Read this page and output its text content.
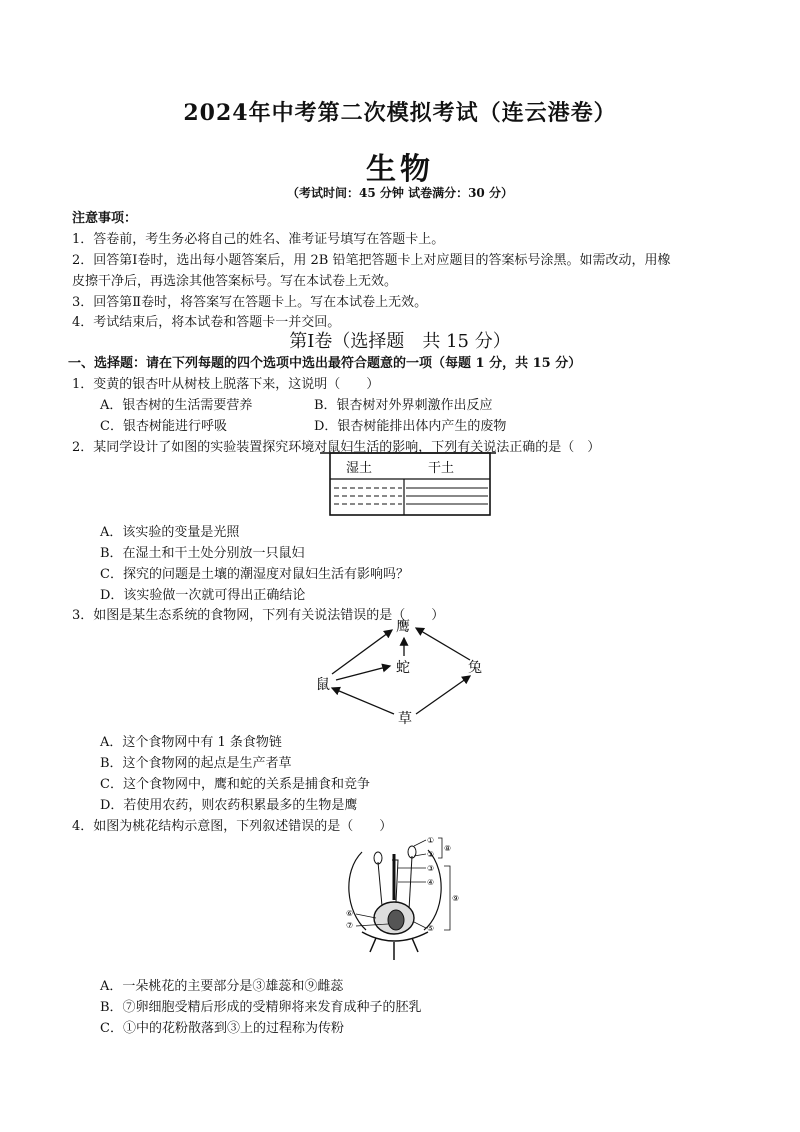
2024年中考第二次模拟考试（连云港卷）
生物
（考试时间：45 分钟 试卷满分：30 分）
注意事项：
1．答卷前，考生务必将自己的姓名、准考证号填写在答题卡上。
2．回答第Ⅰ卷时，选出每小题答案后，用 2B 铅笔把答题卡上对应题目的答案标号涂黑。如需改动，用橡
皮擦干净后，再选涂其他答案标号。写在本试卷上无效。
3．回答第Ⅱ卷时，将答案写在答题卡上。写在本试卷上无效。
4．考试结束后，将本试卷和答题卡一并交回。
第Ⅰ卷（选择题　共 15 分）
一、选择题：请在下列每题的四个选项中选出最符合题意的一项（每题 1 分，共 15 分）
1．变黄的银杏叶从树枝上脱落下来，这说明（　　）
A．银杏树的生活需要营养	B．银杏树对外界刺激作出反应
C．银杏树能进行呼吸	D．银杏树能排出体内产生的废物
2．某同学设计了如图的实验装置探究环境对鼠妇生活的影响，下列有关说法正确的是（　）
湿土	干土
A．该实验的变量是光照
B．在湿土和干土处分别放一只鼠妇
C．探究的问题是土壤的潮湿度对鼠妇生活有影响吗？
D．该实验做一次就可得出正确结论
3．如图是某生态系统的食物网，下列有关说法错误的是（　　）
鹰
蛇	兔
鼠
草
A．这个食物网中有 1 条食物链
B．这个食物网的起点是生产者草
C．这个食物网中，鹰和蛇的关系是捕食和竞争
D．若使用农药，则农药积累最多的生物是鹰
4．如图为桃花结构示意图，下列叙述错误的是（　　）
①
②
③
④
⑤
⑥
⑦
⑧
⑨
A．一朵桃花的主要部分是③雄蕊和⑨雌蕊
B．⑦卵细胞受精后形成的受精卵将来发育成种子的胚乳
C．①中的花粉散落到③上的过程称为传粉
